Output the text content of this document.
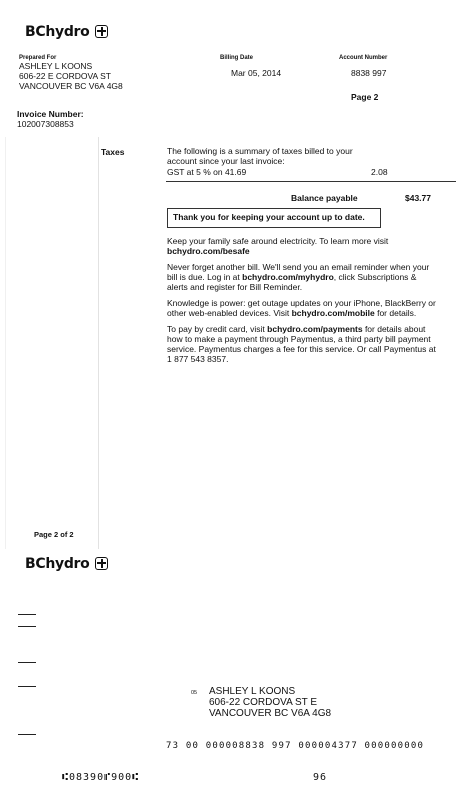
BChydro
Prepared For
ASHLEY L KOONS
606-22 E CORDOVA ST
VANCOUVER BC V6A 4G8
Billing Date
Mar 05, 2014
Account Number
8838 997
Page 2
Invoice Number:
102007308853
Page 2 of 2
Taxes	The following is a summary of taxes billed to your
account since your last invoice:
GST at 5 % on 41.69	2.08
Balance payable	$43.77
Thank you for keeping your account up to date.
Keep your family safe around electricity. To learn more visit
bchydro.com/besafe
Never forget another bill. We'll send you an email reminder when your
bill is due. Log in at bchydro.com/myhydro, click Subscriptions &
alerts and register for Bill Reminder.
Knowledge is power: get outage updates on your iPhone, BlackBerry or
other web-enabled devices. Visit bchydro.com/mobile for details.
To pay by credit card, visit bchydro.com/payments for details about
how to make a payment through Paymentus, a third party bill payment
service. Paymentus charges a fee for this service. Or call Paymentus at
1 877 543 8357.
BChydro
05 ASHLEY L KOONS
606-22 CORDOVA ST E
VANCOUVER BC V6A 4G8
73 00 000008838 997 000004377 000000000
⑆08390⑈900⑆	96
